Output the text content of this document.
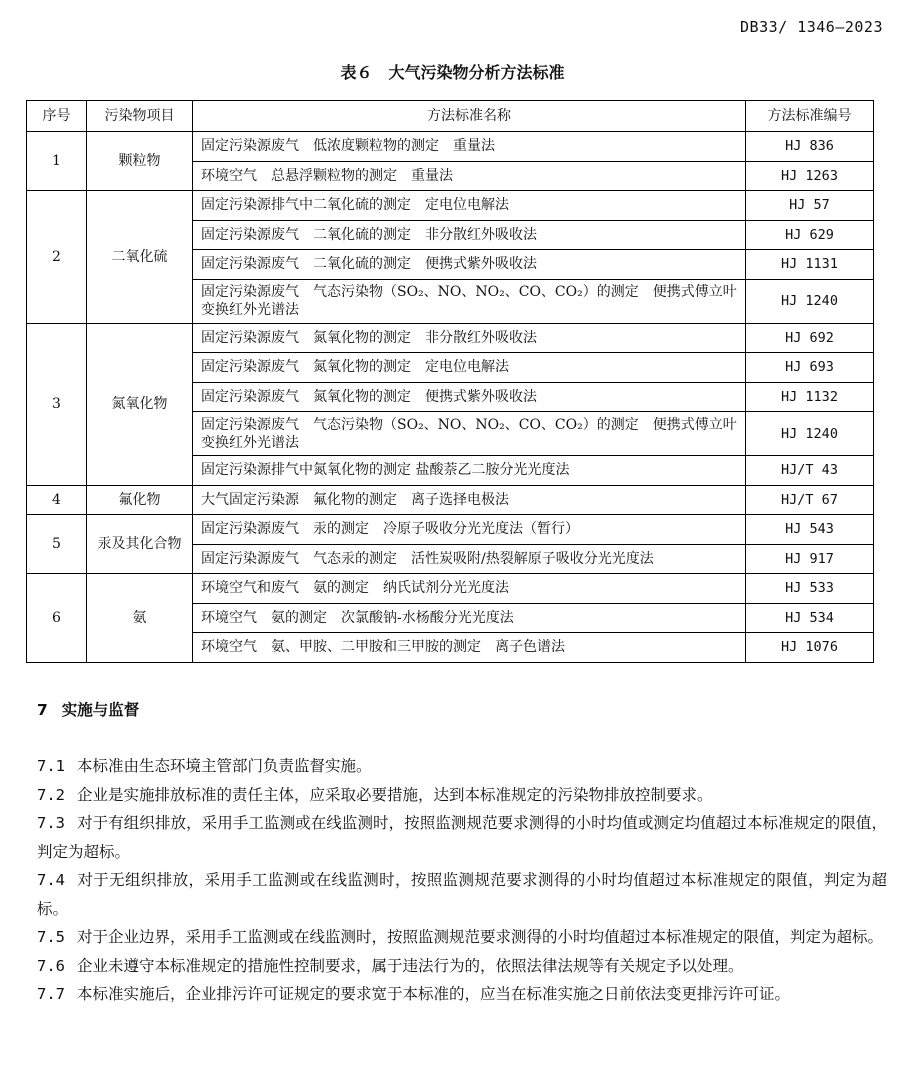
DB33/ 1346—2023
表６　大气污染物分析方法标准
序号	污染物项目	方法标准名称	方法标准编号
1	颗粒物	固定污染源废气　低浓度颗粒物的测定　重量法	HJ 836
		环境空气　总悬浮颗粒物的测定　重量法	HJ 1263
2	二氧化硫	固定污染源排气中二氧化硫的测定　定电位电解法	HJ 57
		固定污染源废气　二氧化硫的测定　非分散红外吸收法	HJ 629
		固定污染源废气　二氧化硫的测定　便携式紫外吸收法	HJ 1131
		固定污染源废气　气态污染物（SO₂、NO、NO₂、CO、CO₂）的测定　便携式傅立叶变换红外光谱法	HJ 1240
3	氮氧化物	固定污染源废气　氮氧化物的测定　非分散红外吸收法	HJ 692
		固定污染源废气　氮氧化物的测定　定电位电解法	HJ 693
		固定污染源废气　氮氧化物的测定　便携式紫外吸收法	HJ 1132
		固定污染源废气　气态污染物（SO₂、NO、NO₂、CO、CO₂）的测定　便携式傅立叶变换红外光谱法	HJ 1240
		固定污染源排气中氮氧化物的测定 盐酸萘乙二胺分光光度法	HJ/T 43
4	氟化物	大气固定污染源　氟化物的测定　离子选择电极法	HJ/T 67
5	汞及其化合物	固定污染源废气　汞的测定　冷原子吸收分光光度法（暂行）	HJ 543
		固定污染源废气　气态汞的测定　活性炭吸附/热裂解原子吸收分光光度法	HJ 917
6	氨	环境空气和废气　氨的测定　纳氏试剂分光光度法	HJ 533
		环境空气　氨的测定　次氯酸钠-水杨酸分光光度法	HJ 534
		环境空气　氨、甲胺、二甲胺和三甲胺的测定　离子色谱法	HJ 1076
7 实施与监督
7.1 本标准由生态环境主管部门负责监督实施。
7.2 企业是实施排放标准的责任主体，应采取必要措施，达到本标准规定的污染物排放控制要求。
7.3 对于有组织排放，采用手工监测或在线监测时，按照监测规范要求测得的小时均值或测定均值超过本标准规定的限值，判定为超标。
7.4 对于无组织排放，采用手工监测或在线监测时，按照监测规范要求测得的小时均值超过本标准规定的限值，判定为超标。
7.5 对于企业边界，采用手工监测或在线监测时，按照监测规范要求测得的小时均值超过本标准规定的限值，判定为超标。
7.6 企业未遵守本标准规定的措施性控制要求，属于违法行为的，依照法律法规等有关规定予以处理。
7.7 本标准实施后，企业排污许可证规定的要求宽于本标准的，应当在标准实施之日前依法变更排污许可证。
